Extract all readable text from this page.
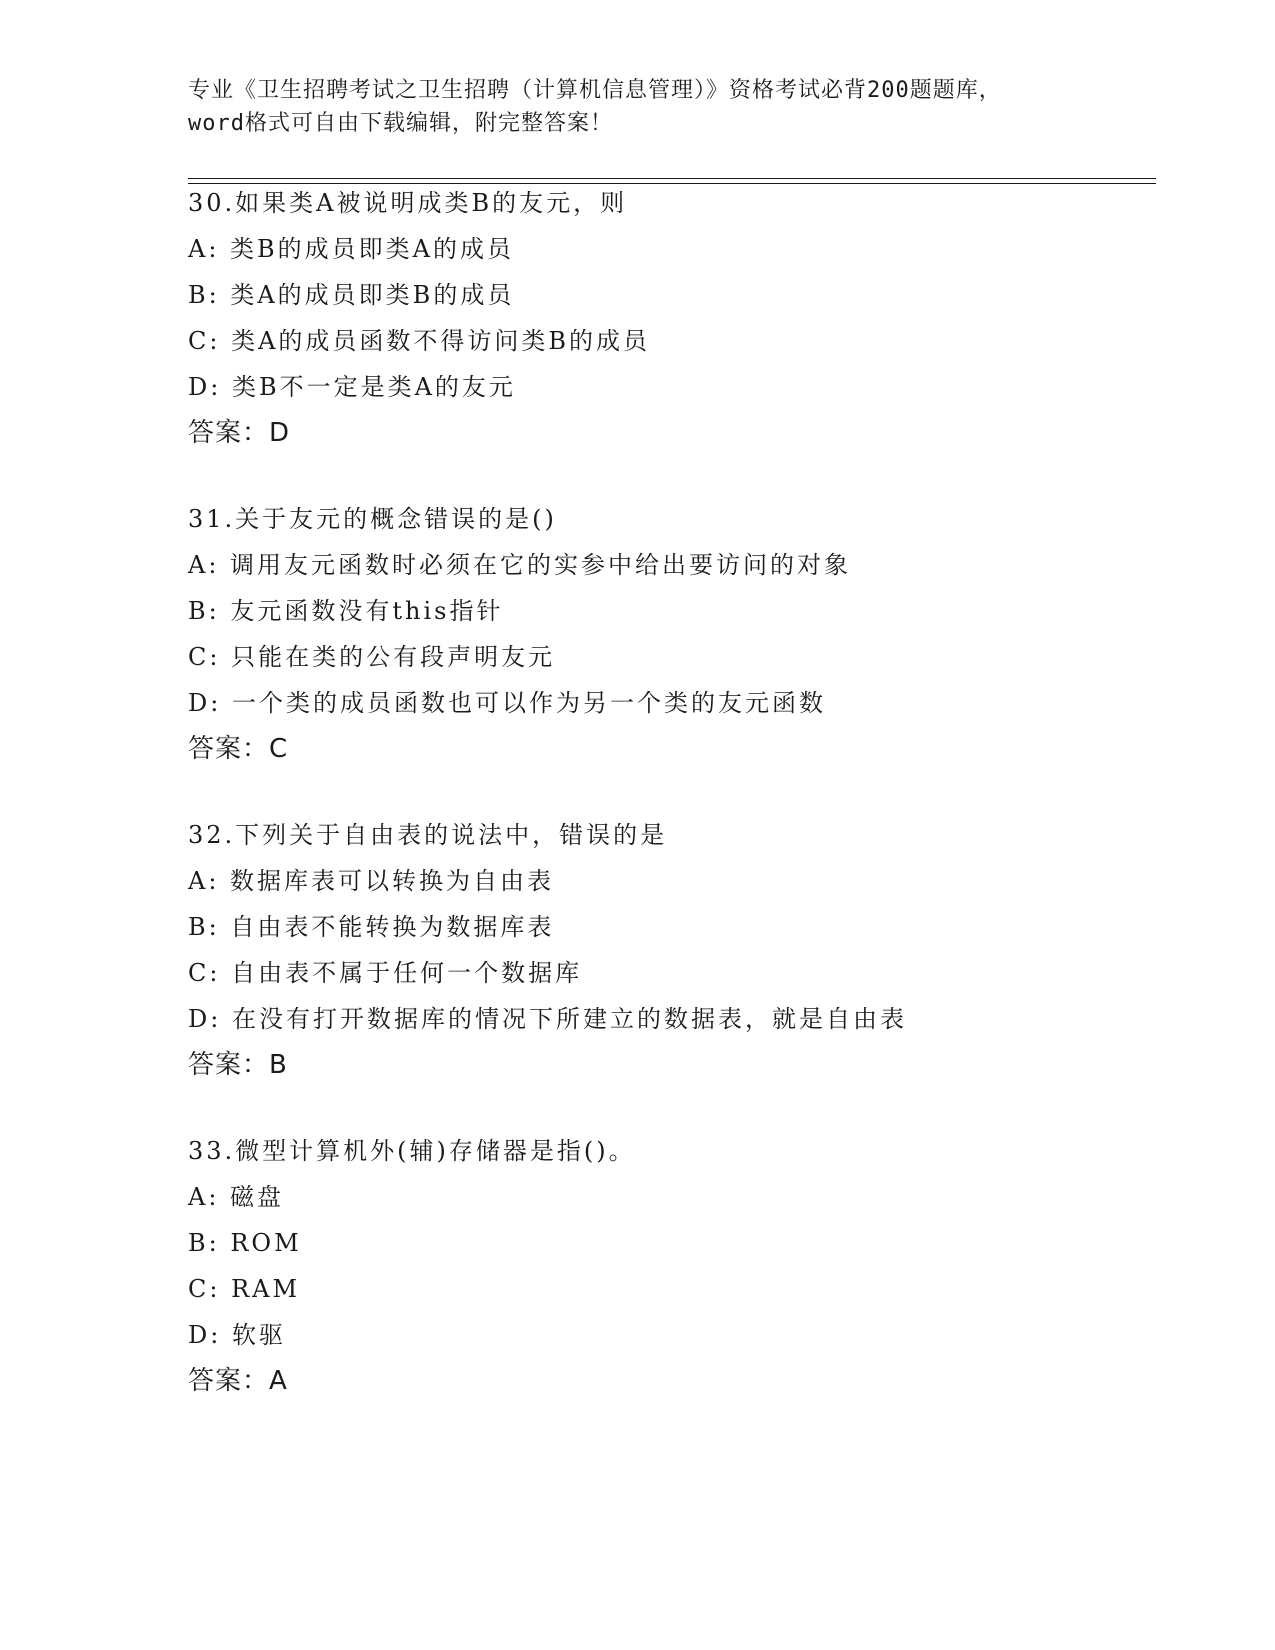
专业《卫生招聘考试之卫生招聘（计算机信息管理）》资格考试必背200题题库，
word格式可自由下载编辑，附完整答案！
30.如果类A被说明成类B的友元，则
A: 类B的成员即类A的成员
B: 类A的成员即类B的成员
C: 类A的成员函数不得访问类B的成员
D: 类B不一定是类A的友元
答案：D
31.关于友元的概念错误的是()
A: 调用友元函数时必须在它的实参中给出要访问的对象
B: 友元函数没有this指针
C: 只能在类的公有段声明友元
D: 一个类的成员函数也可以作为另一个类的友元函数
答案：C
32.下列关于自由表的说法中，错误的是
A: 数据库表可以转换为自由表
B: 自由表不能转换为数据库表
C: 自由表不属于任何一个数据库
D: 在没有打开数据库的情况下所建立的数据表，就是自由表
答案：B
33.微型计算机外(辅)存储器是指()。
A: 磁盘
B: ROM
C: RAM
D: 软驱
答案：A
